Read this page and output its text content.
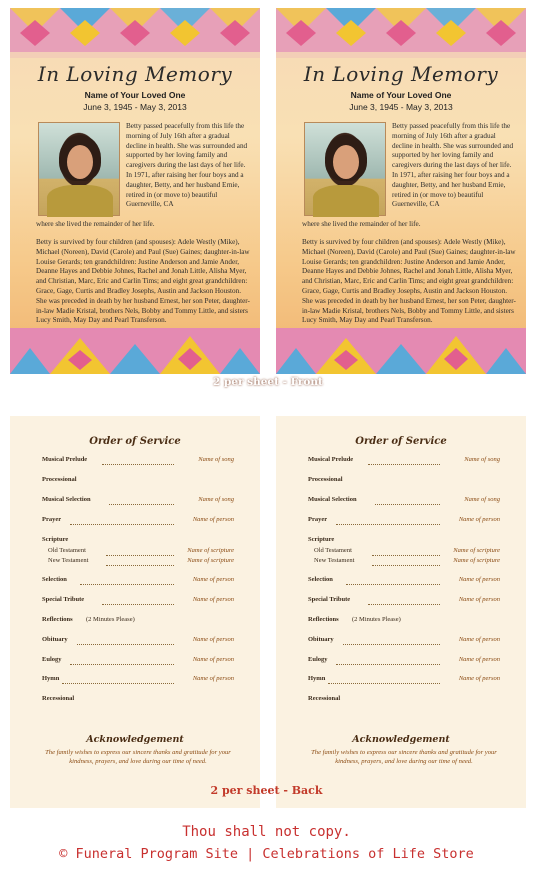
In Loving Memory
Name of Your Loved One
June 3, 1945 - May 3, 2013
Betty passed peacefully from this life the morning of July 16th after a gradual decline in health. She was surrounded and supported by her loving family and caregivers during the last days of her life. In 1971, after raising her four boys and a daughter, Betty, and her husband Ernie, retired in (or move to) beautiful Guerneville, CA
where she lived the remainder of her life.
Betty is survived by four children (and spouses): Adele Westly (Mike), Michael (Noreen), David (Carole) and Paul (Sue) Gaines; daughter-in-law Louise Gerards; ten grandchildren: Justine Anderson and Jamie Ander, Deanne Hayes and Debbie Johnes, Rachel and Jonah Little, Alisha Myer, and Christian, Marc, Eric and Carlin Tims; and eight great grandchildren: Grace, Gage, Curtis and Bradley Josephs, Austin and Jackson Houston. She was preceded in death by her husband Ernest, her son Peter, daughter-in-law Madie Kristal, brothers Nels, Bobby and Tommy Little, and sisters Lucy Smith, May Day and Pearl Transferson.
In Loving Memory
Name of Your Loved One
June 3, 1945 - May 3, 2013
Betty passed peacefully from this life the morning of July 16th after a gradual decline in health. She was surrounded and supported by her loving family and caregivers during the last days of her life. In 1971, after raising her four boys and a daughter, Betty, and her husband Ernie, retired in (or move to) beautiful Guerneville, CA
where she lived the remainder of her life.
Betty is survived by four children (and spouses): Adele Westly (Mike), Michael (Noreen), David (Carole) and Paul (Sue) Gaines; daughter-in-law Louise Gerards; ten grandchildren: Justine Anderson and Jamie Ander, Deanne Hayes and Debbie Johnes, Rachel and Jonah Little, Alisha Myer, and Christian, Marc, Eric and Carlin Tims; and eight great grandchildren: Grace, Gage, Curtis and Bradley Josephs, Austin and Jackson Houston. She was preceded in death by her husband Ernest, her son Peter, daughter-in-law Madie Kristal, brothers Nels, Bobby and Tommy Little, and sisters Lucy Smith, May Day and Pearl Transferson.
2 per sheet - Front
Order of Service
Acknowledgement
The family wishes to express our sincere thanks and gratitude for your kindness, prayers, and love during our time of need.
Musical Prelude	Name of song
Processional
Musical Selection	Name of song
Prayer	Name of person
Scripture
Old Testament	Name of scripture
New Testament	Name of scripture
Selection	Name of person
Special Tribute	Name of person
Reflections (2 Minutes Please)
Obituary	Name of person
Eulogy	Name of person
Hymn	Name of person
Recessional
Order of Service
Acknowledgement
The family wishes to express our sincere thanks and gratitude for your kindness, prayers, and love during our time of need.
Musical Prelude	Name of song
Processional
Musical Selection	Name of song
Prayer	Name of person
Scripture
Old Testament	Name of scripture
New Testament	Name of scripture
Selection	Name of person
Special Tribute	Name of person
Reflections (2 Minutes Please)
Obituary	Name of person
Eulogy	Name of person
Hymn	Name of person
Recessional
2 per sheet - Back
Thou shall not copy.
© Funeral Program Site | Celebrations of Life Store
